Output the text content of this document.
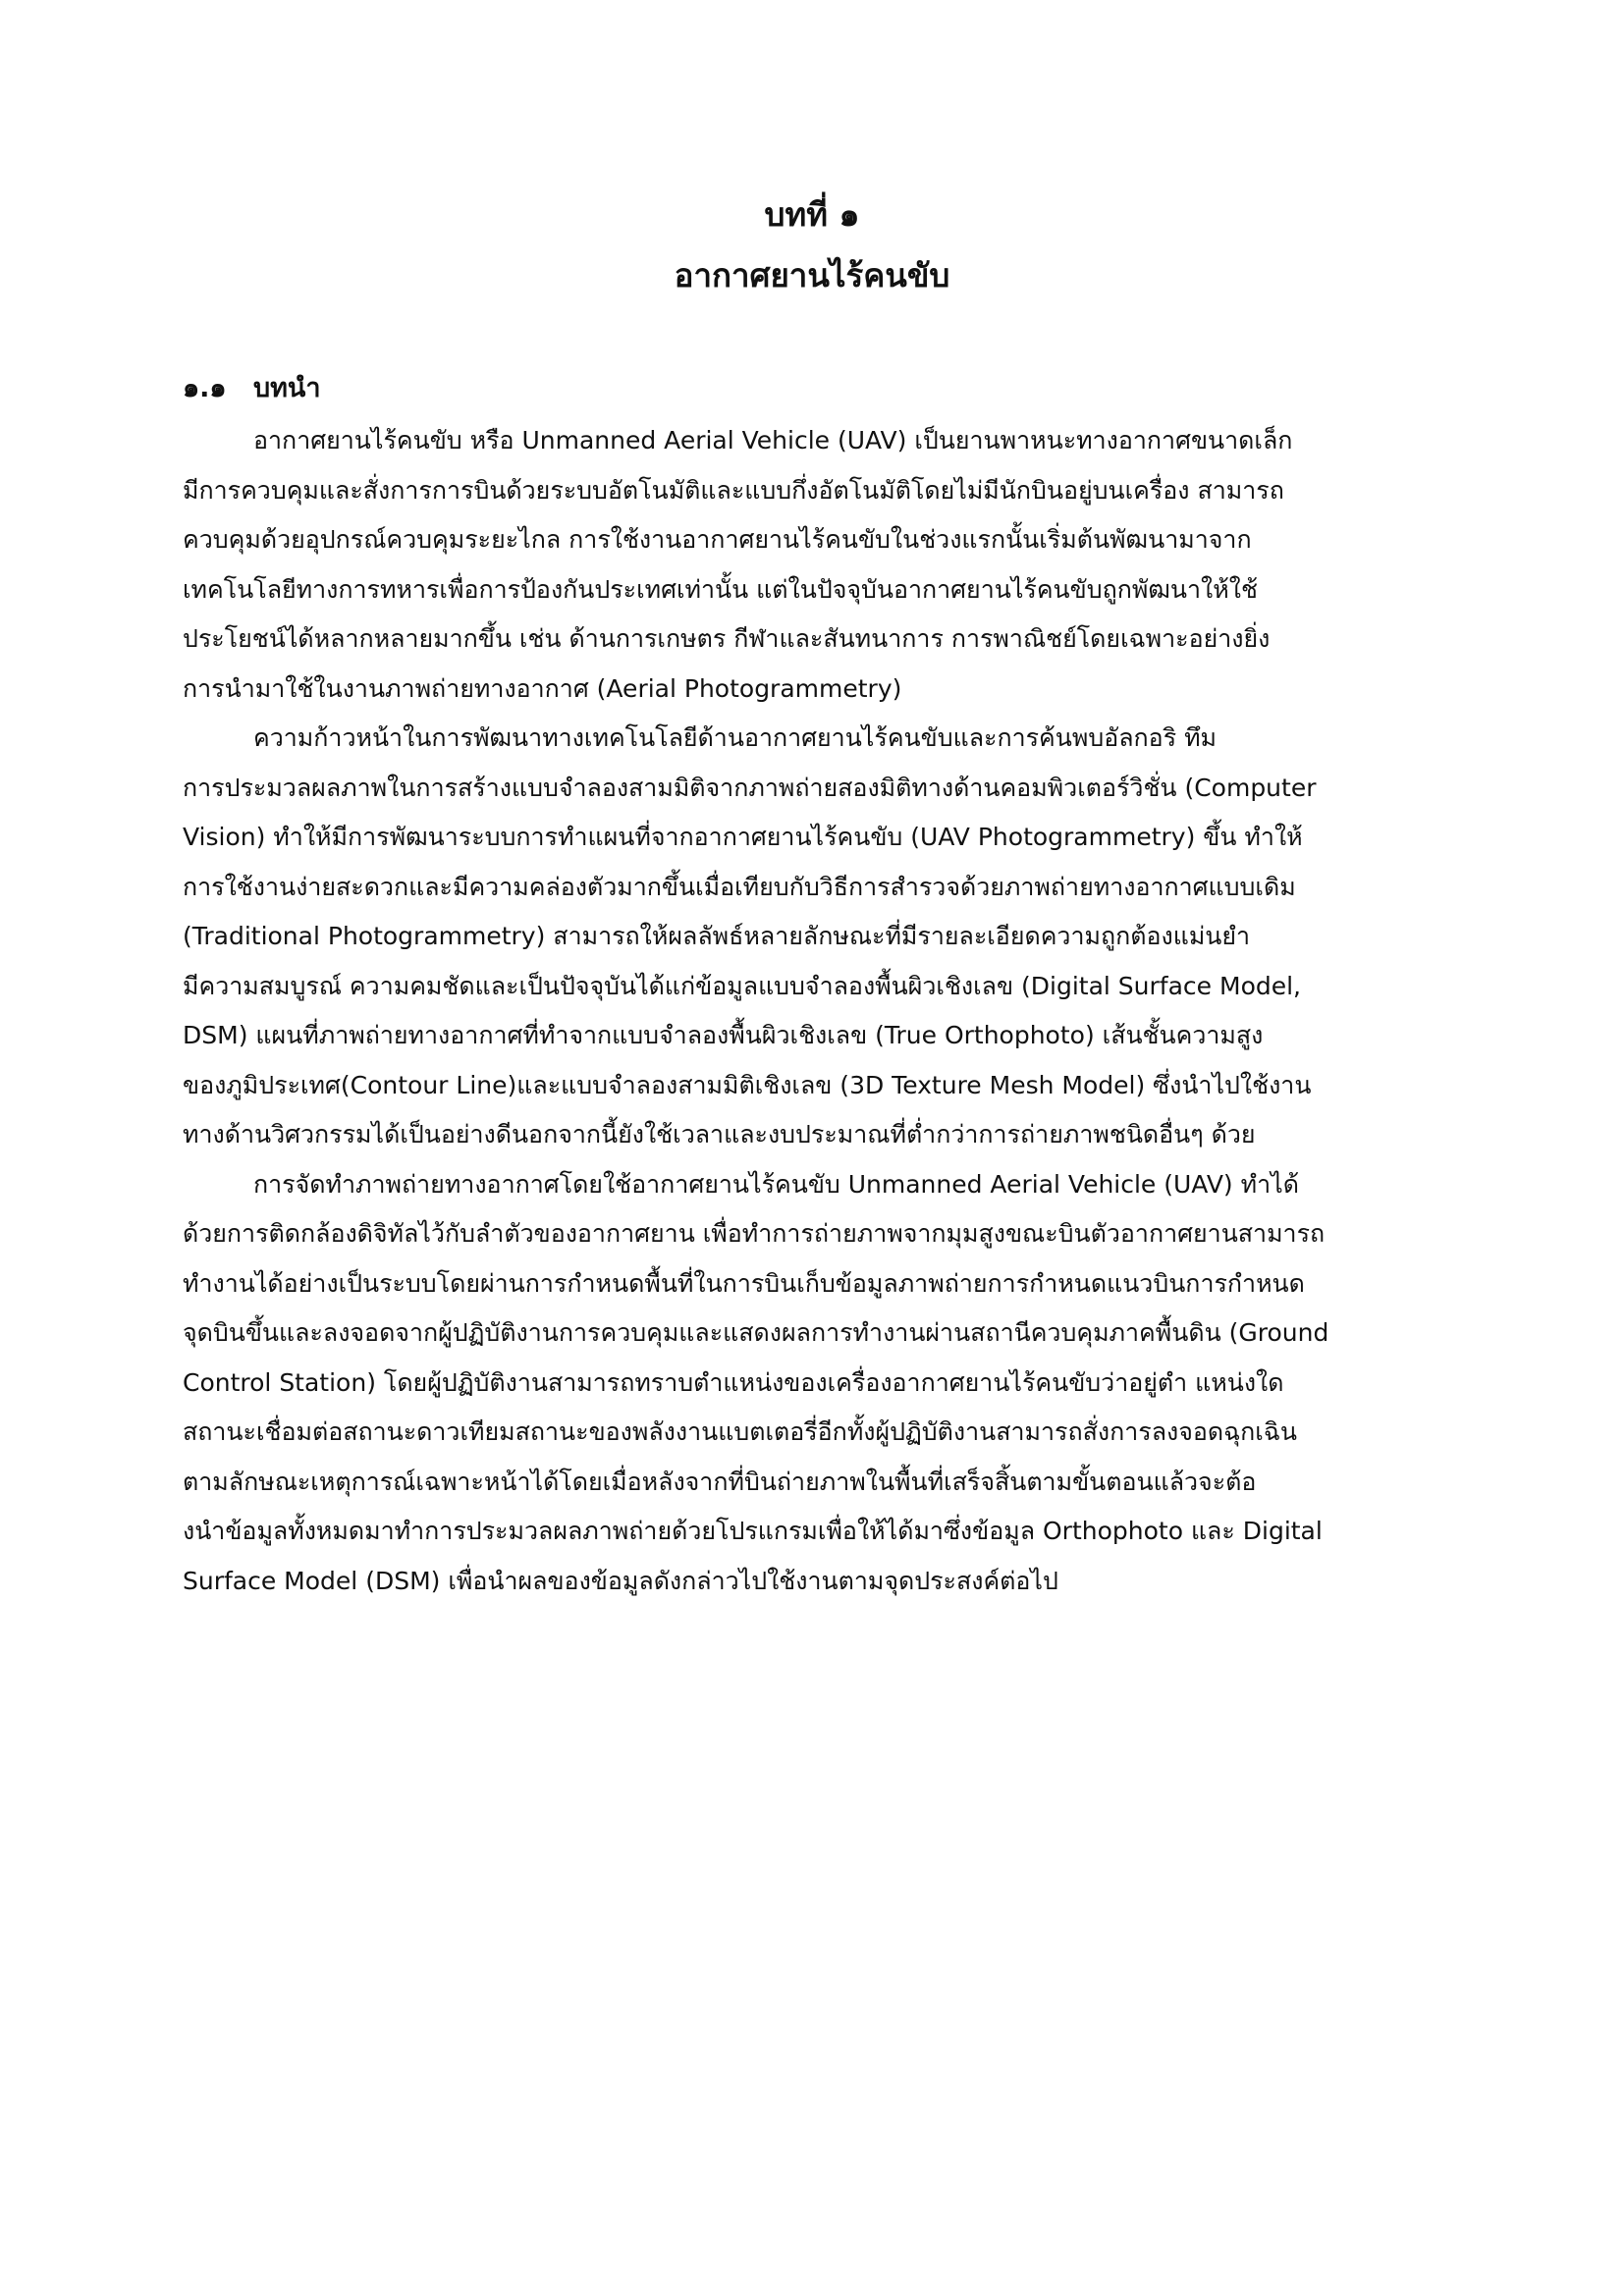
บทที่ ๑
อากาศยานไร้คนขับ
๑.๑ บทนำ
อากาศยานไร้คนขับ หรือ Unmanned Aerial Vehicle (UAV) เป็นยานพาหนะทางอากาศขนาดเล็ก
มีการควบคุมและสั่งการการบินด้วยระบบอัตโนมัติและแบบกึ่งอัตโนมัติโดยไม่มีนักบินอยู่บนเครื่อง สามารถ
ควบคุมด้วยอุปกรณ์ควบคุมระยะไกล การใช้งานอากาศยานไร้คนขับในช่วงแรกนั้นเริ่มต้นพัฒนามาจาก
เทคโนโลยีทางการทหารเพื่อการป้องกันประเทศเท่านั้น แต่ในปัจจุบันอากาศยานไร้คนขับถูกพัฒนาให้ใช้
ประโยชน์ได้หลากหลายมากขึ้น เช่น ด้านการเกษตร กีฬาและสันทนาการ การพาณิชย์โดยเฉพาะอย่างยิ่ง
การนำมาใช้ในงานภาพถ่ายทางอากาศ (Aerial Photogrammetry)
ความก้าวหน้าในการพัฒนาทางเทคโนโลยีด้านอากาศยานไร้คนขับและการค้นพบอัลกอริ ทึม
การประมวลผลภาพในการสร้างแบบจำลองสามมิติจากภาพถ่ายสองมิติทางด้านคอมพิวเตอร์วิชั่น (Computer
Vision) ทำให้มีการพัฒนาระบบการทำแผนที่จากอากาศยานไร้คนขับ (UAV Photogrammetry) ขึ้น ทำให้
การใช้งานง่ายสะดวกและมีความคล่องตัวมากขึ้นเมื่อเทียบกับวิธีการสำรวจด้วยภาพถ่ายทางอากาศแบบเดิม
(Traditional Photogrammetry) สามารถให้ผลลัพธ์หลายลักษณะที่มีรายละเอียดความถูกต้องแม่นยำ
มีความสมบูรณ์ ความคมชัดและเป็นปัจจุบันได้แก่ข้อมูลแบบจำลองพื้นผิวเชิงเลข (Digital Surface Model,
DSM) แผนที่ภาพถ่ายทางอากาศที่ทำจากแบบจำลองพื้นผิวเชิงเลข (True Orthophoto) เส้นชั้นความสูง
ของภูมิประเทศ(Contour Line)และแบบจำลองสามมิติเชิงเลข (3D Texture Mesh Model) ซึ่งนำไปใช้งาน
ทางด้านวิศวกรรมได้เป็นอย่างดีนอกจากนี้ยังใช้เวลาและงบประมาณที่ต่ำกว่าการถ่ายภาพชนิดอื่นๆ ด้วย
การจัดทำภาพถ่ายทางอากาศโดยใช้อากาศยานไร้คนขับ Unmanned Aerial Vehicle (UAV) ทำได้
ด้วยการติดกล้องดิจิทัลไว้กับลำตัวของอากาศยาน เพื่อทำการถ่ายภาพจากมุมสูงขณะบินตัวอากาศยานสามารถ
ทำงานได้อย่างเป็นระบบโดยผ่านการกำหนดพื้นที่ในการบินเก็บข้อมูลภาพถ่ายการกำหนดแนวบินการกำหนด
จุดบินขึ้นและลงจอดจากผู้ปฏิบัติงานการควบคุมและแสดงผลการทำงานผ่านสถานีควบคุมภาคพื้นดิน (Ground
Control Station) โดยผู้ปฏิบัติงานสามารถทราบตำแหน่งของเครื่องอากาศยานไร้คนขับว่าอยู่ตำ แหน่งใด
สถานะเชื่อมต่อสถานะดาวเทียมสถานะของพลังงานแบตเตอรี่อีกทั้งผู้ปฏิบัติงานสามารถสั่งการลงจอดฉุกเฉิน
ตามลักษณะเหตุการณ์เฉพาะหน้าได้โดยเมื่อหลังจากที่บินถ่ายภาพในพื้นที่เสร็จสิ้นตามขั้นตอนแล้วจะต้อ
งนำข้อมูลทั้งหมดมาทำการประมวลผลภาพถ่ายด้วยโปรแกรมเพื่อให้ได้มาซึ่งข้อมูล Orthophoto และ Digital
Surface Model (DSM) เพื่อนำผลของข้อมูลดังกล่าวไปใช้งานตามจุดประสงค์ต่อไป
